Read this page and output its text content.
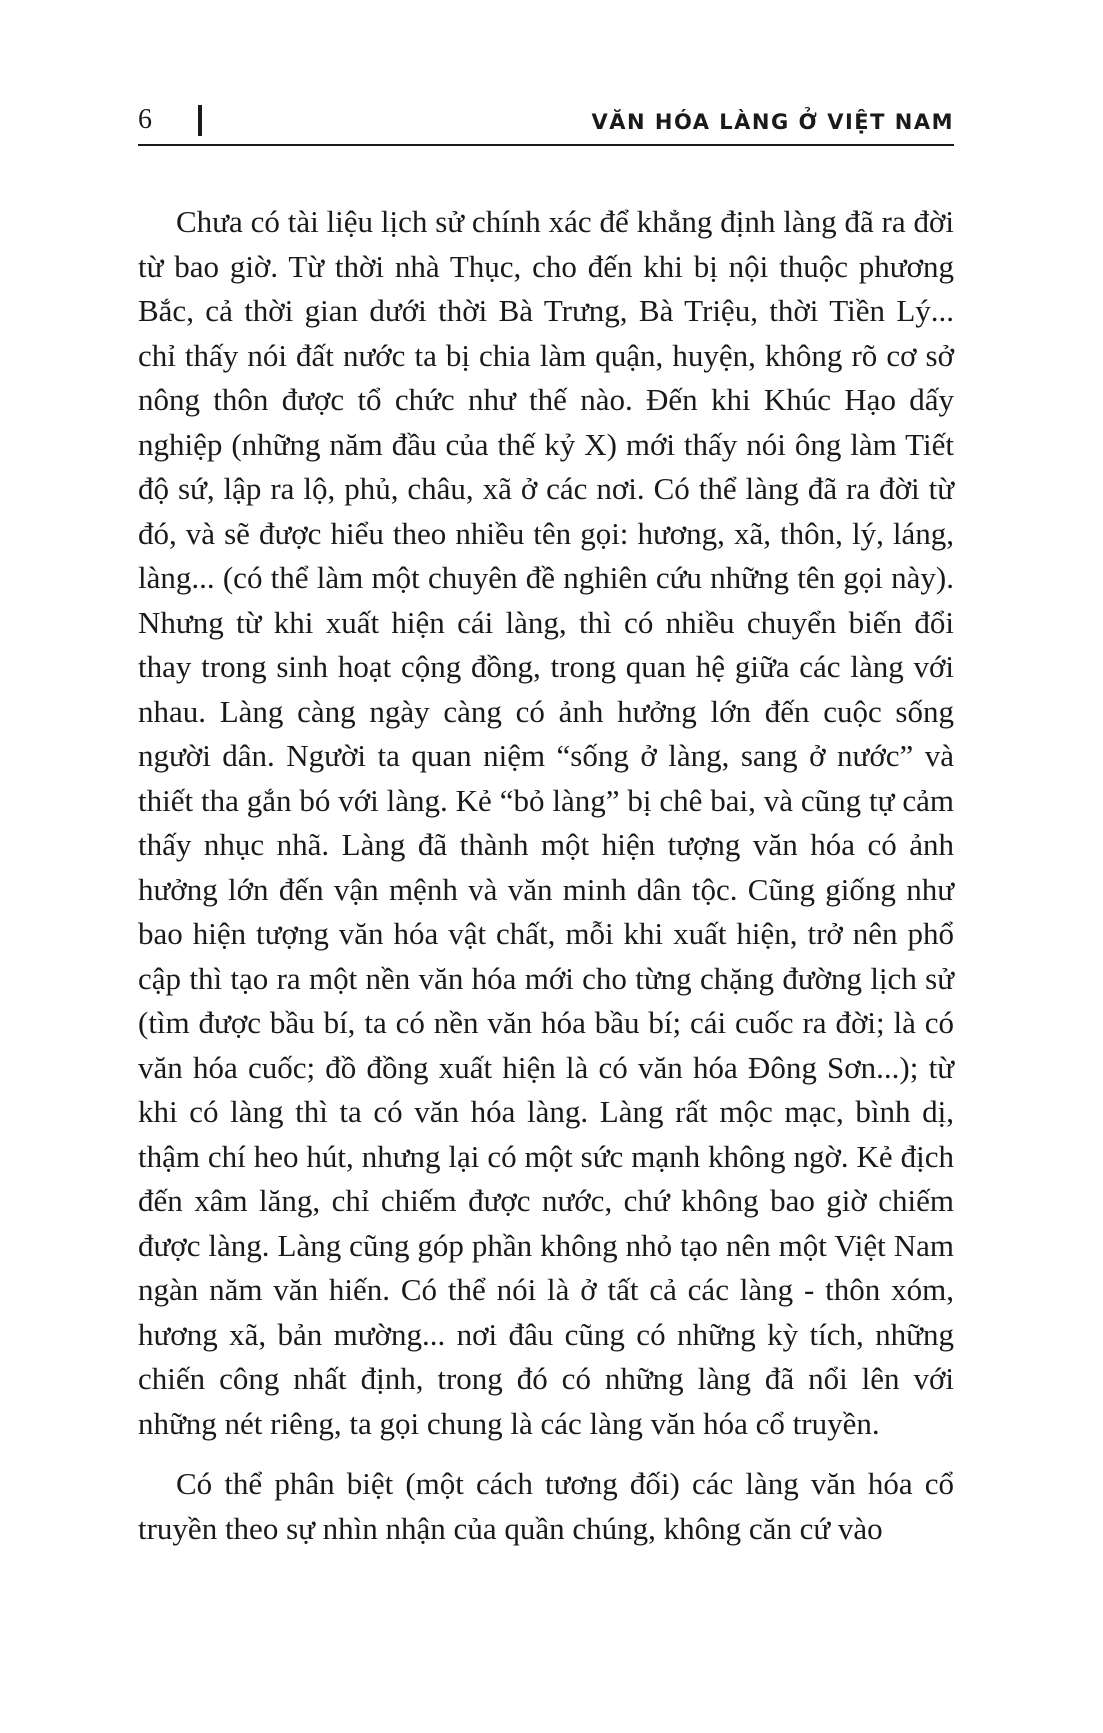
6	VĂN HÓA LÀNG Ở VIỆT NAM

Chưa có tài liệu lịch sử chính xác để khẳng định làng đã ra đời từ bao giờ. Từ thời nhà Thục, cho đến khi bị nội thuộc phương Bắc, cả thời gian dưới thời Bà Trưng, Bà Triệu, thời Tiền Lý... chỉ thấy nói đất nước ta bị chia làm quận, huyện, không rõ cơ sở nông thôn được tổ chức như thế nào. Đến khi Khúc Hạo dấy nghiệp (những năm đầu của thế kỷ X) mới thấy nói ông làm Tiết độ sứ, lập ra lộ, phủ, châu, xã ở các nơi. Có thể làng đã ra đời từ đó, và sẽ được hiểu theo nhiều tên gọi: hương, xã, thôn, lý, láng, làng... (có thể làm một chuyên đề nghiên cứu những tên gọi này). Nhưng từ khi xuất hiện cái làng, thì có nhiều chuyển biến đổi thay trong sinh hoạt cộng đồng, trong quan hệ giữa các làng với nhau. Làng càng ngày càng có ảnh hưởng lớn đến cuộc sống người dân. Người ta quan niệm “sống ở làng, sang ở nước” và thiết tha gắn bó với làng. Kẻ “bỏ làng” bị chê bai, và cũng tự cảm thấy nhục nhã. Làng đã thành một hiện tượng văn hóa có ảnh hưởng lớn đến vận mệnh và văn minh dân tộc. Cũng giống như bao hiện tượng văn hóa vật chất, mỗi khi xuất hiện, trở nên phổ cập thì tạo ra một nền văn hóa mới cho từng chặng đường lịch sử (tìm được bầu bí, ta có nền văn hóa bầu bí; cái cuốc ra đời; là có văn hóa cuốc; đồ đồng xuất hiện là có văn hóa Đông Sơn...); từ khi có làng thì ta có văn hóa làng. Làng rất mộc mạc, bình dị, thậm chí heo hút, nhưng lại có một sức mạnh không ngờ. Kẻ địch đến xâm lăng, chỉ chiếm được nước, chứ không bao giờ chiếm được làng. Làng cũng góp phần không nhỏ tạo nên một Việt Nam ngàn năm văn hiến. Có thể nói là ở tất cả các làng - thôn xóm, hương xã, bản mường... nơi đâu cũng có những kỳ tích, những chiến công nhất định, trong đó có những làng đã nổi lên với những nét riêng, ta gọi chung là các làng văn hóa cổ truyền.

Có thể phân biệt (một cách tương đối) các làng văn hóa cổ truyền theo sự nhìn nhận của quần chúng, không căn cứ vào
